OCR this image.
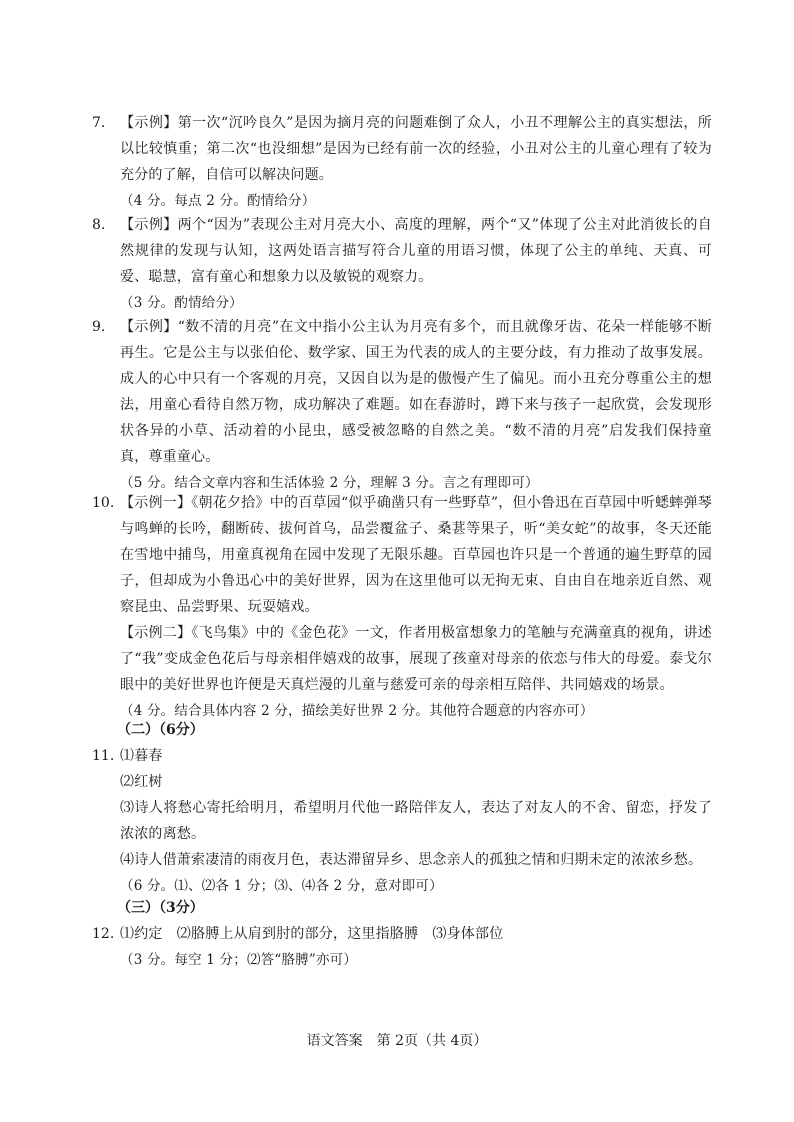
7. 【示例】第一次“沉吟良久”是因为摘月亮的问题难倒了众人，小丑不理解公主的真实想法，所以比较慎重；第二次“也没细想”是因为已经有前一次的经验，小丑对公主的儿童心理有了较为充分的了解，自信可以解决问题。

（4 分。每点 2 分。酌情给分）

8. 【示例】两个“因为”表现公主对月亮大小、高度的理解，两个“又”体现了公主对此消彼长的自然规律的发现与认知，这两处语言描写符合儿童的用语习惯，体现了公主的单纯、天真、可爱、聪慧，富有童心和想象力以及敏锐的观察力。

（3 分。酌情给分）

9. 【示例】“数不清的月亮”在文中指小公主认为月亮有多个，而且就像牙齿、花朵一样能够不断再生。它是公主与以张伯伦、数学家、国王为代表的成人的主要分歧，有力推动了故事发展。成人的心中只有一个客观的月亮，又因自以为是的傲慢产生了偏见。而小丑充分尊重公主的想法，用童心看待自然万物，成功解决了难题。如在春游时，蹲下来与孩子一起欣赏，会发现形状各异的小草、活动着的小昆虫，感受被忽略的自然之美。“数不清的月亮”启发我们保持童真，尊重童心。

（5 分。结合文章内容和生活体验 2 分，理解 3 分。言之有理即可）

10. 【示例一】《朝花夕拾》中的百草园“似乎确凿只有一些野草”，但小鲁迅在百草园中听蟋蟀弹琴与鸣蝉的长吟，翻断砖、拔何首乌，品尝覆盆子、桑葚等果子，听“美女蛇”的故事，冬天还能在雪地中捕鸟，用童真视角在园中发现了无限乐趣。百草园也许只是一个普通的遍生野草的园子，但却成为小鲁迅心中的美好世界，因为在这里他可以无拘无束、自由自在地亲近自然、观察昆虫、品尝野果、玩耍嬉戏。

【示例二】《飞鸟集》中的《金色花》一文，作者用极富想象力的笔触与充满童真的视角，讲述了“我”变成金色花后与母亲相伴嬉戏的故事，展现了孩童对母亲的依恋与伟大的母爱。泰戈尔眼中的美好世界也许便是天真烂漫的儿童与慈爱可亲的母亲相互陪伴、共同嬉戏的场景。

（4 分。结合具体内容 2 分，描绘美好世界 2 分。其他符合题意的内容亦可）

（二）（6分）
11. ⑴暮春

⑵红树

⑶诗人将愁心寄托给明月，希望明月代他一路陪伴友人，表达了对友人的不舍、留恋，抒发了浓浓的离愁。

⑷诗人借萧索凄清的雨夜月色，表达滞留异乡、思念亲人的孤独之情和归期未定的浓浓乡愁。

（6 分。⑴、⑵各 1 分；⑶、⑷各 2 分，意对即可）

（三）（3分）
12. ⑴约定　⑵胳膊上从肩到肘的部分，这里指胳膊　⑶身体部位

（3 分。每空 1 分；⑵答“胳膊”亦可）

语文答案　第 2页（共 4页）
